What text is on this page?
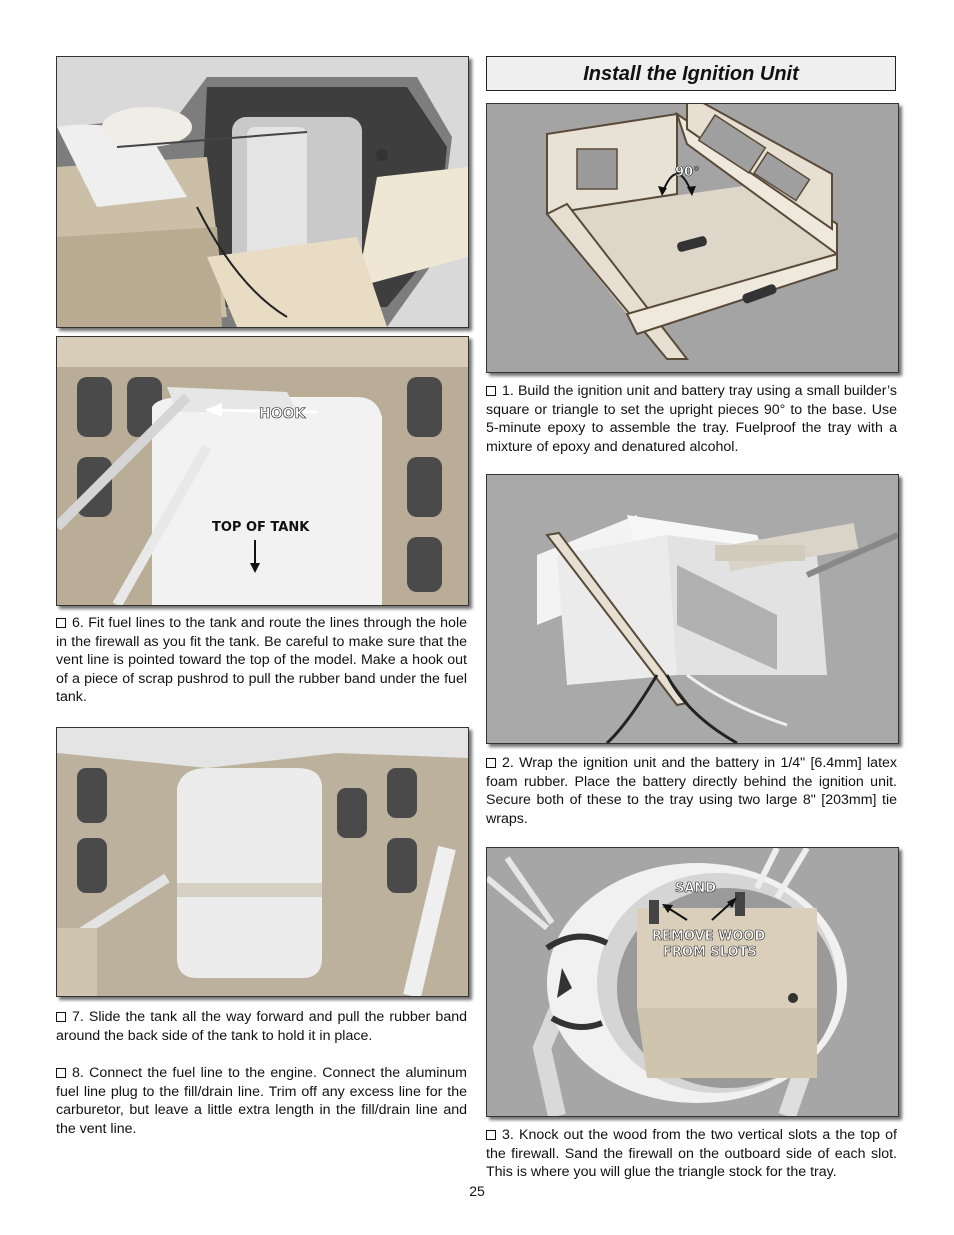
HOOK
TOP OF TANK

6. Fit fuel lines to the tank and route the lines through the hole in the firewall as you fit the tank. Be careful to make sure that the vent line is pointed toward the top of the model. Make a hook out of a piece of scrap pushrod to pull the rubber band under the fuel tank.

7. Slide the tank all the way forward and pull the rubber band around the back side of the tank to hold it in place.

8. Connect the fuel line to the engine. Connect the aluminum fuel line plug to the fill/drain line. Trim off any excess line for the carburetor, but leave a little extra length in the fill/drain line and the vent line.

Install the Ignition Unit
90°

1. Build the ignition unit and battery tray using a small builder’s square or triangle to set the upright pieces 90° to the base. Use 5-minute epoxy to assemble the tray. Fuelproof the tray with a mixture of epoxy and denatured alcohol.

2. Wrap the ignition unit and the battery in 1/4" [6.4mm] latex foam rubber. Place the battery directly behind the ignition unit. Secure both of these to the tray using two large 8" [203mm] tie wraps.

SAND
REMOVE WOOD
FROM SLOTS

3. Knock out the wood from the two vertical slots a the top of the firewall. Sand the firewall on the outboard side of each slot. This is where you will glue the triangle stock for the tray.

25
